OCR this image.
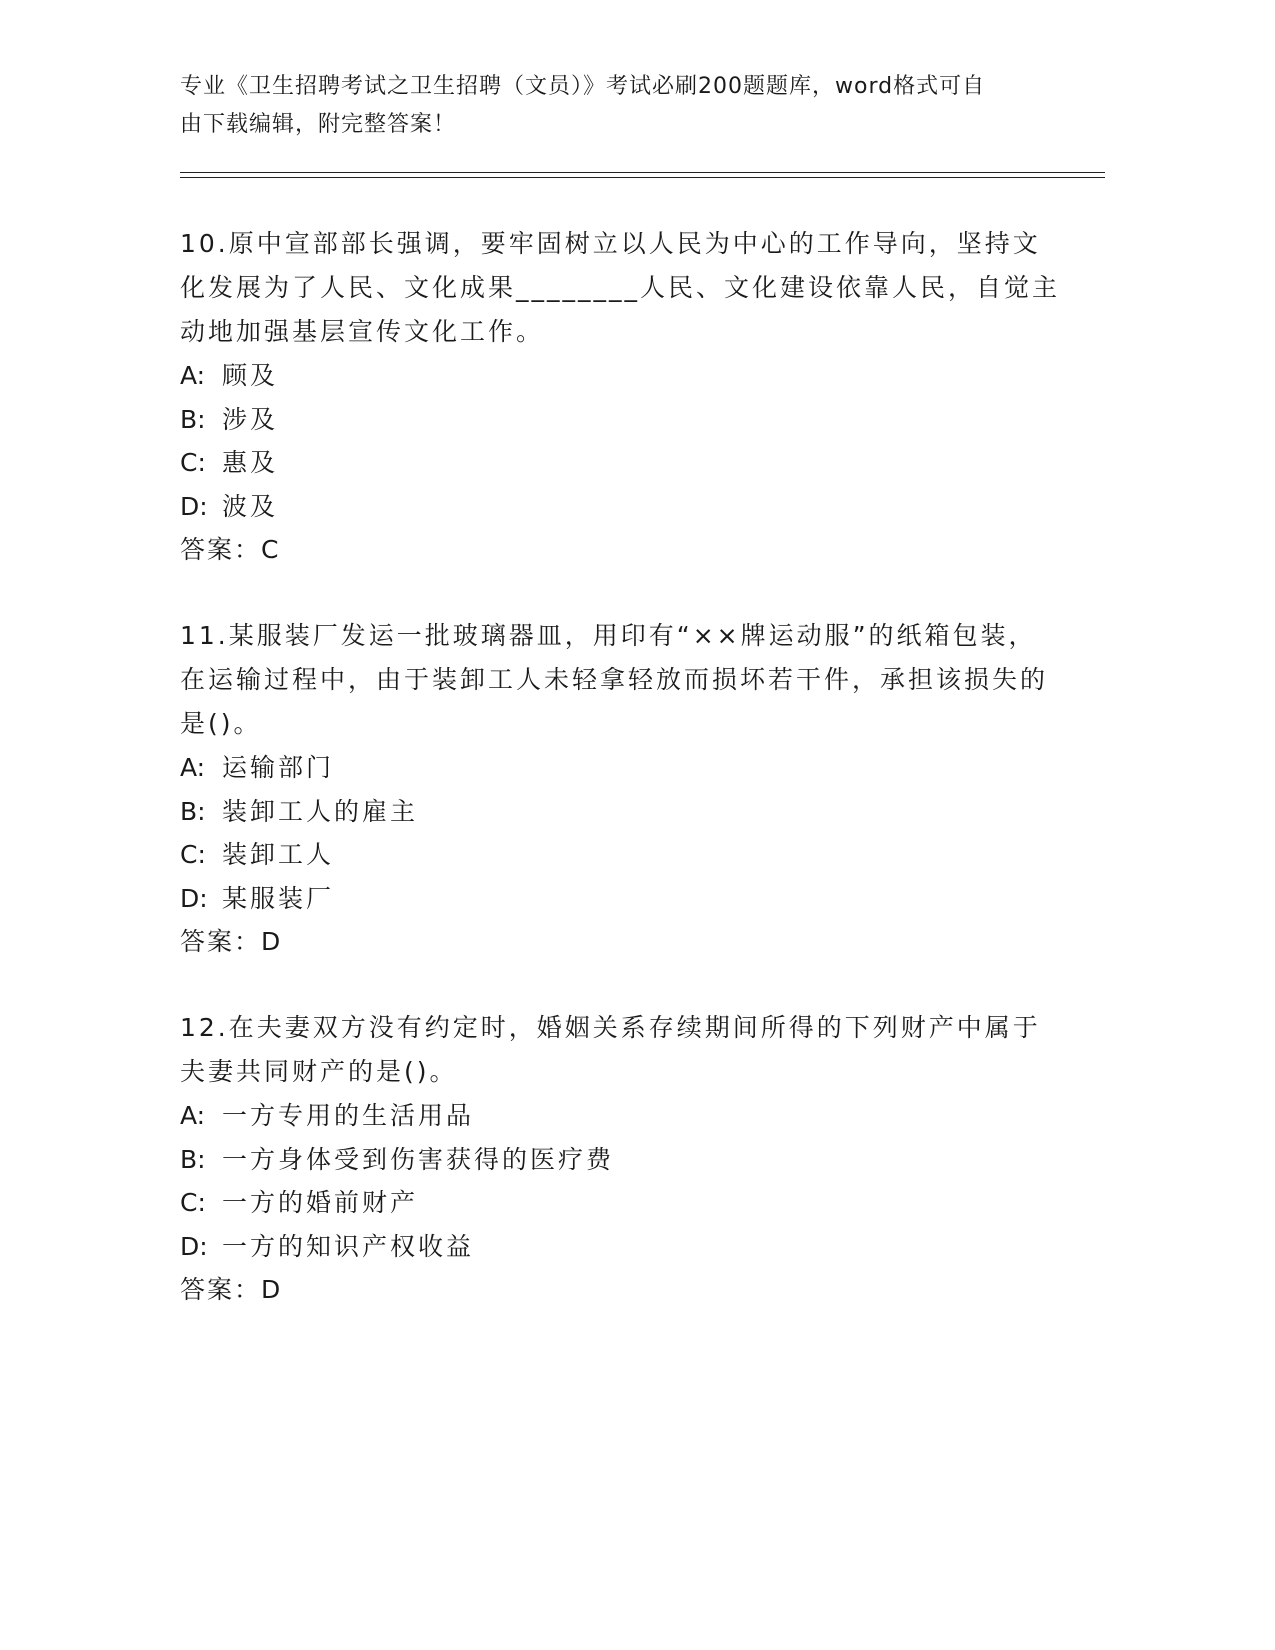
专业《卫生招聘考试之卫生招聘（文员）》考试必刷200题题库，word格式可自
由下载编辑，附完整答案！

10.原中宣部部长强调，要牢固树立以人民为中心的工作导向，坚持文化发展为了人民、文化成果________人民、文化建设依靠人民，自觉主动地加强基层宣传文化工作。

A: 顾及

B: 涉及

C: 惠及

D: 波及

答案：C

11.某服装厂发运一批玻璃器皿，用印有“××牌运动服”的纸箱包装，在运输过程中，由于装卸工人未轻拿轻放而损坏若干件，承担该损失的是()。

A: 运输部门

B: 装卸工人的雇主

C: 装卸工人

D: 某服装厂

答案：D

12.在夫妻双方没有约定时，婚姻关系存续期间所得的下列财产中属于夫妻共同财产的是()。

A: 一方专用的生活用品

B: 一方身体受到伤害获得的医疗费

C: 一方的婚前财产

D: 一方的知识产权收益

答案：D
